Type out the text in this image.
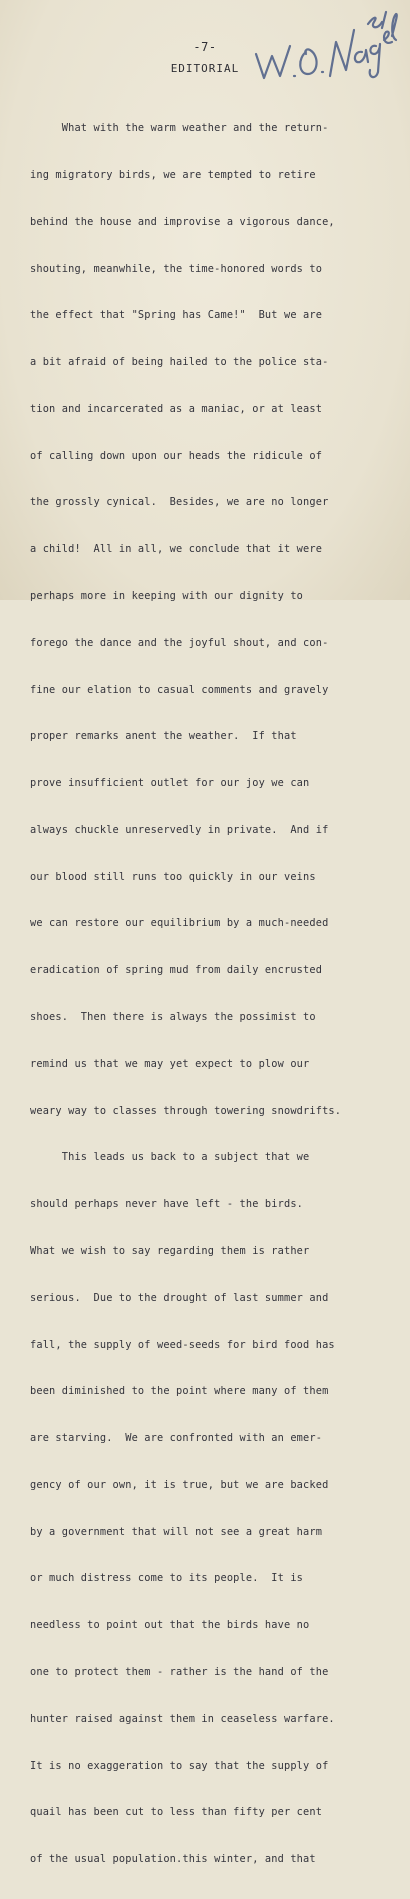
-7-
EDITORIAL

What with the warm weather and the return-

ing migratory birds, we are tempted to retire

behind the house and improvise a vigorous dance,

shouting, meanwhile, the time-honored words to

the effect that "Spring has Came!"  But we are

a bit afraid of being hailed to the police sta-

tion and incarcerated as a maniac, or at least

of calling down upon our heads the ridicule of

the grossly cynical.  Besides, we are no longer

a child!  All in all, we conclude that it were

perhaps more in keeping with our dignity to

forego the dance and the joyful shout, and con-

fine our elation to casual comments and gravely

proper remarks anent the weather.  If that

prove insufficient outlet for our joy we can

always chuckle unreservedly in private.  And if

our blood still runs too quickly in our veins

we can restore our equilibrium by a much-needed

eradication of spring mud from daily encrusted

shoes.  Then there is always the possimist to

remind us that we may yet expect to plow our

weary way to classes through towering snowdrifts.

This leads us back to a subject that we

should perhaps never have left - the birds.

What we wish to say regarding them is rather

serious.  Due to the drought of last summer and

fall, the supply of weed-seeds for bird food has

been diminished to the point where many of them

are starving.  We are confronted with an emer-

gency of our own, it is true, but we are backed

by a government that will not see a great harm

or much distress come to its people.  It is

needless to point out that the birds have no

one to protect them - rather is the hand of the

hunter raised against them in ceaseless warfare.

It is no exaggeration to say that the supply of

quail has been cut to less than fifty per cent

of the usual population.this winter, and that
